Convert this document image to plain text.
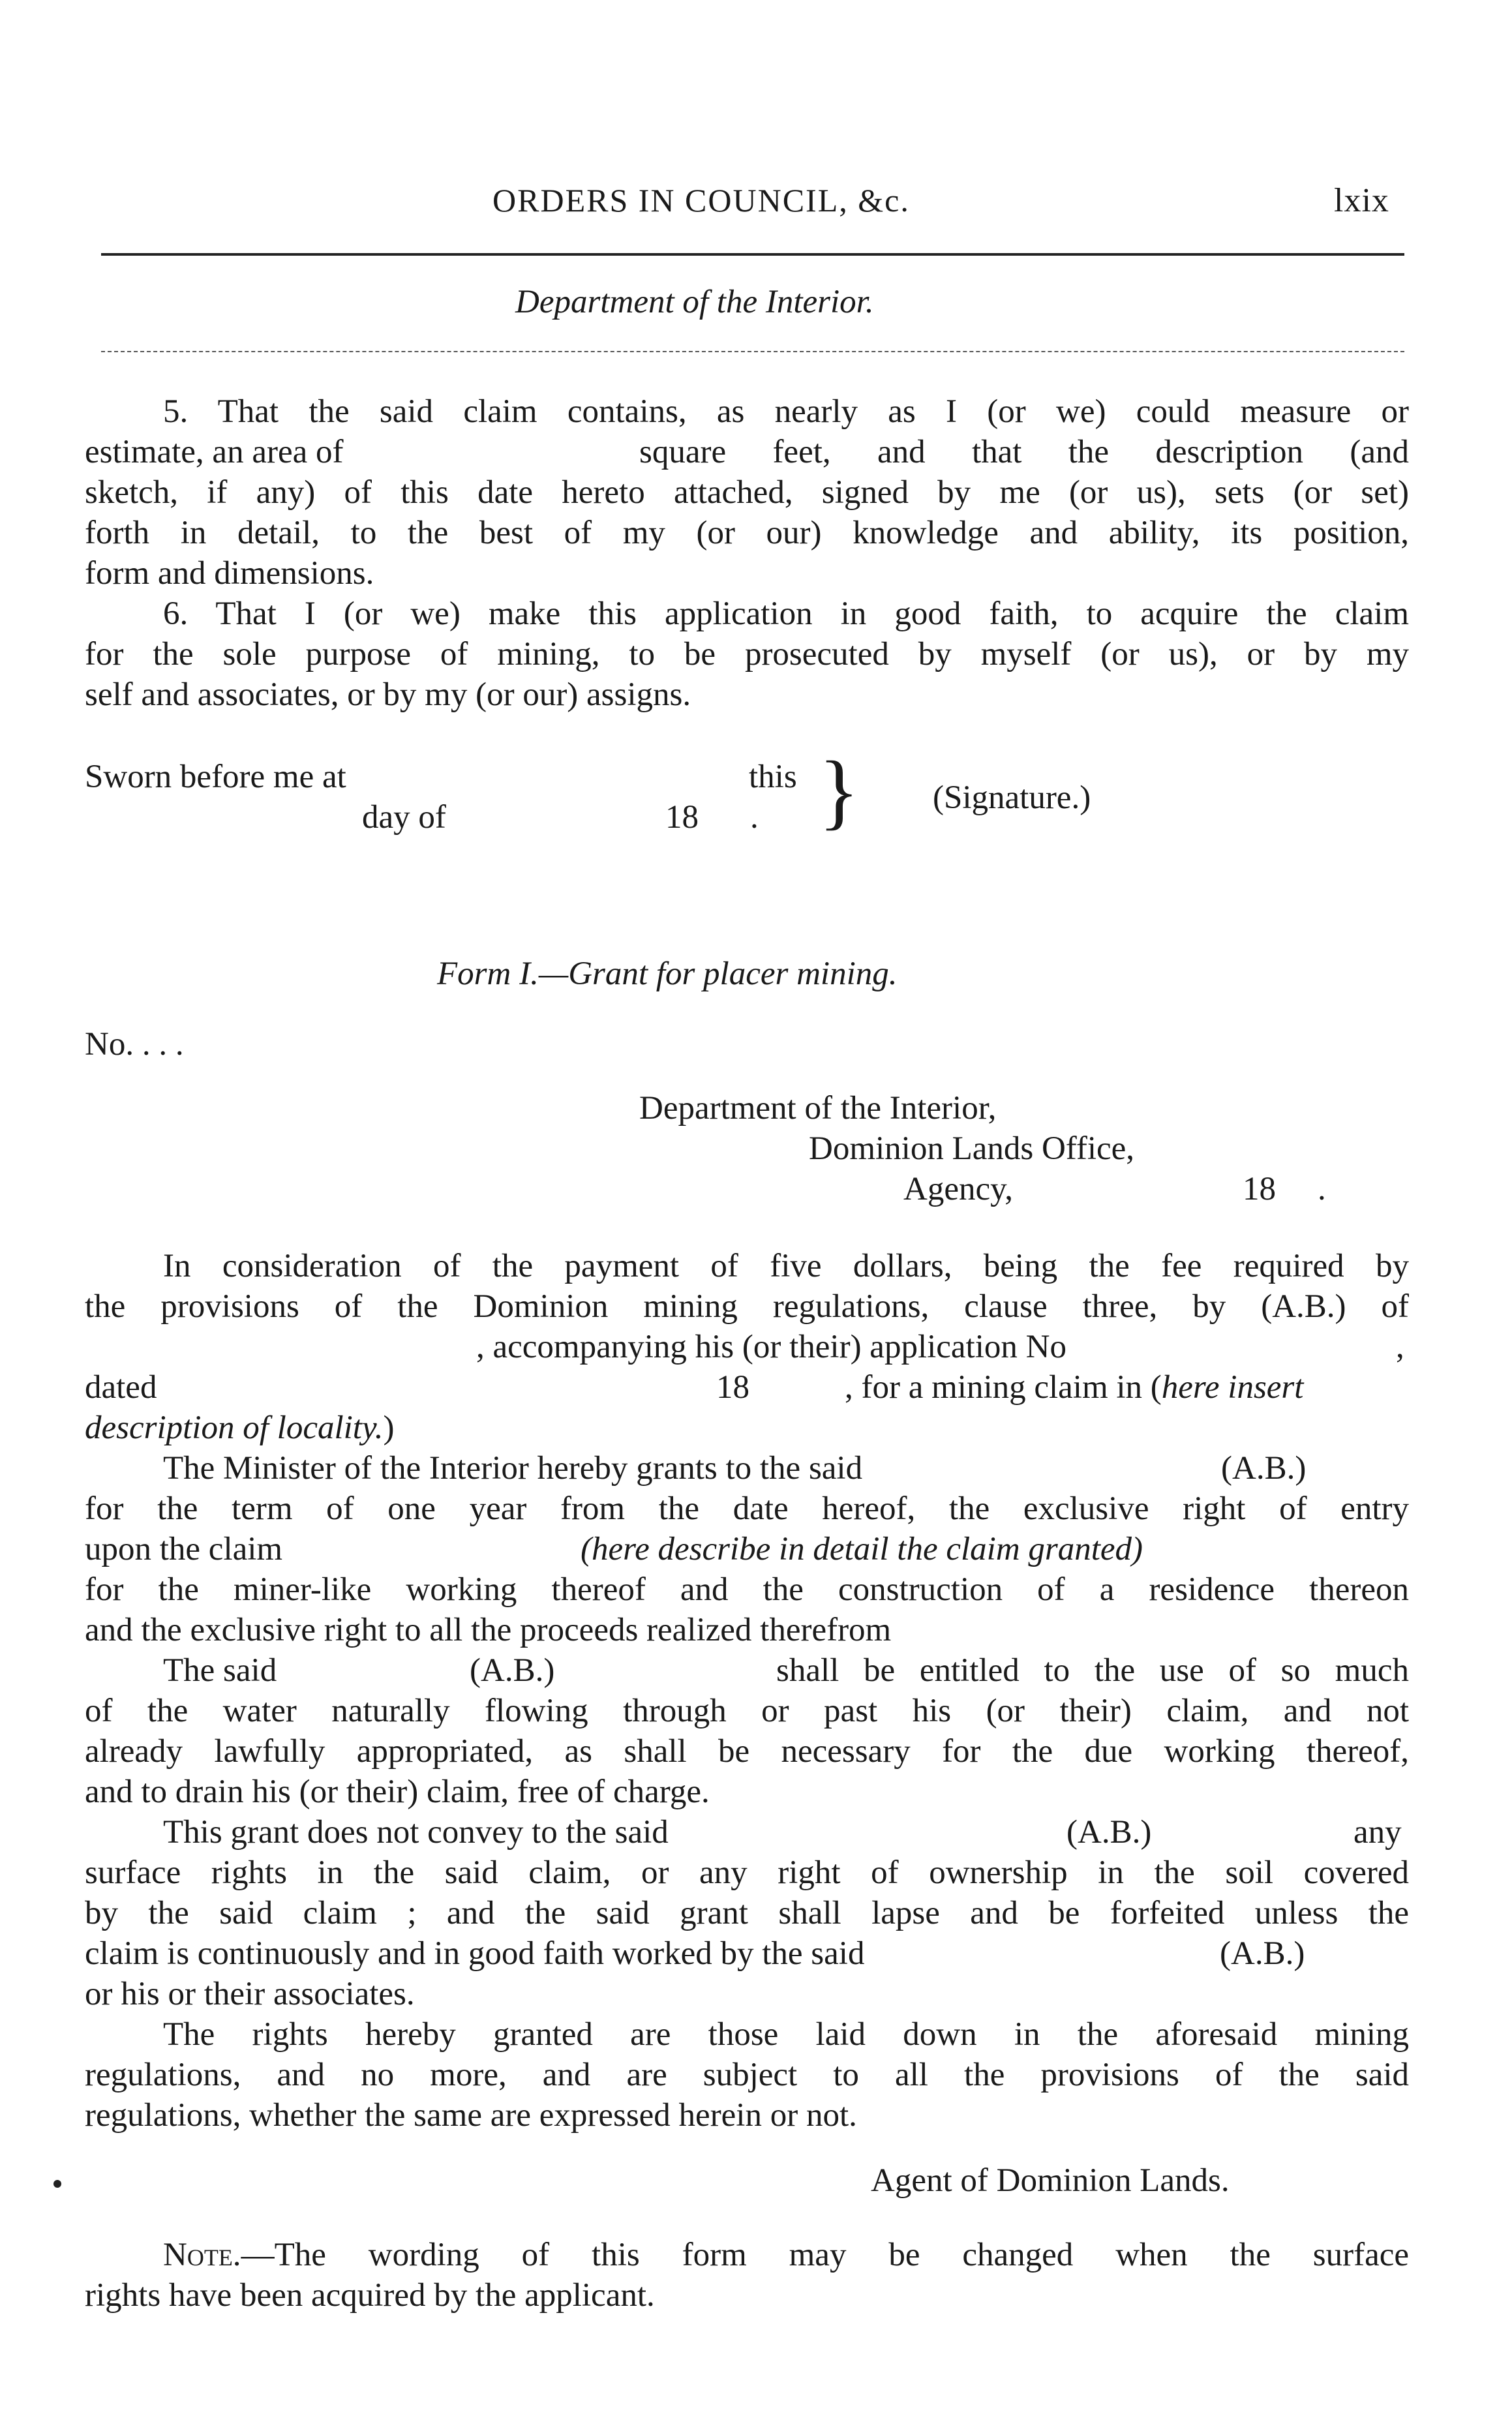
ORDERS IN COUNCIL, &c.	lxix
Department of the Interior.
5. That the said claim contains, as nearly as I (or we) could measure or
estimate, an area of	square feet, and that the description (and
sketch, if any) of this date hereto attached, signed by me (or us), sets (or set)
forth in detail, to the best of my (or our) knowledge and ability, its position,
form and dimensions.
6. That I (or we) make this application in good faith, to acquire the claim
for the sole purpose of mining, to be prosecuted by myself (or us), or by my
self and associates, or by my (or our) assigns.
Sworn before me at	this
day of	18 . } (Signature.)
Form I.—Grant for placer mining.
No. . . .
Department of the Interior,
Dominion Lands Office,
Agency,	18 .
In consideration of the payment of five dollars, being the fee required by
the provisions of the Dominion mining regulations, clause three, by (A.B.) of
, accompanying his (or their) application No	,
dated	18	, for a mining claim in (here insert
description of locality.)
The Minister of the Interior hereby grants to the said	(A.B.)
for the term of one year from the date hereof, the exclusive right of entry
upon the claim	(here describe in detail the claim granted)
for the miner-like working thereof and the construction of a residence thereon
and the exclusive right to all the proceeds realized therefrom
The said	(A.B.)	shall be entitled to the use of so much
of the water naturally flowing through or past his (or their) claim, and not
already lawfully appropriated, as shall be necessary for the due working thereof,
and to drain his (or their) claim, free of charge.
This grant does not convey to the said	(A.B.)	any
surface rights in the said claim, or any right of ownership in the soil covered
by the said claim ; and the said grant shall lapse and be forfeited unless the
claim is continuously and in good faith worked by the said	(A.B.)
or his or their associates.
The rights hereby granted are those laid down in the aforesaid mining
regulations, and no more, and are subject to all the provisions of the said
regulations, whether the same are expressed herein or not.
Agent of Dominion Lands.
Note.—The wording of this form may be changed when the surface
rights have been acquired by the applicant.
